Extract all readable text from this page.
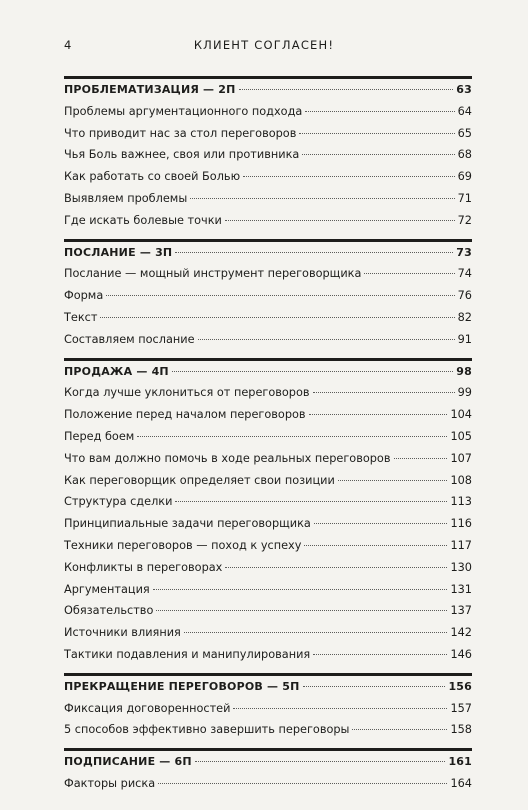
4	КЛИЕНТ СОГЛАСЕН!
ПРОБЛЕМАТИЗАЦИЯ — 2П	63
Проблемы аргументационного подхода	64
Что приводит нас за стол переговоров	65
Чья Боль важнее, своя или противника	68
Как работать со своей Болью	69
Выявляем проблемы	71
Где искать болевые точки	72
ПОСЛАНИЕ — 3П	73
Послание — мощный инструмент переговорщика	74
Форма	76
Текст	82
Составляем послание	91
ПРОДАЖА — 4П	98
Когда лучше уклониться от переговоров	99
Положение перед началом переговоров	104
Перед боем	105
Что вам должно помочь в ходе реальных переговоров	107
Как переговорщик определяет свои позиции	108
Структура сделки	113
Принципиальные задачи переговорщика	116
Техники переговоров — поход к успеху	117
Конфликты в переговорах	130
Аргументация	131
Обязательство	137
Источники влияния	142
Тактики подавления и манипулирования	146
ПРЕКРАЩЕНИЕ ПЕРЕГОВОРОВ — 5П	156
Фиксация договоренностей	157
5 способов эффективно завершить переговоры	158
ПОДПИСАНИЕ — 6П	161
Факторы риска	164
